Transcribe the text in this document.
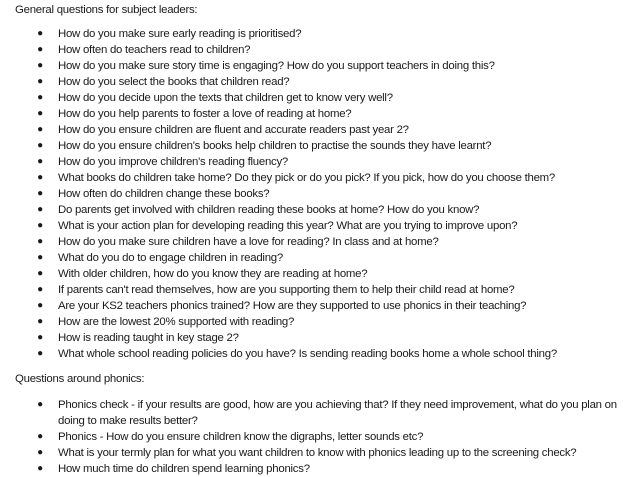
General questions for subject leaders:
● How do you make sure early reading is prioritised?
● How often do teachers read to children?
● How do you make sure story time is engaging? How do you support teachers in doing this?
● How do you select the books that children read?
● How do you decide upon the texts that children get to know very well?
● How do you help parents to foster a love of reading at home?
● How do you ensure children are fluent and accurate readers past year 2?
● How do you ensure children's books help children to practise the sounds they have learnt?
● How do you improve children's reading fluency?
● What books do children take home? Do they pick or do you pick? If you pick, how do you choose them?
● How often do children change these books?
● Do parents get involved with children reading these books at home? How do you know?
● What is your action plan for developing reading this year? What are you trying to improve upon?
● How do you make sure children have a love for reading? In class and at home?
● What do you do to engage children in reading?
● With older children, how do you know they are reading at home?
● If parents can't read themselves, how are you supporting them to help their child read at home?
● Are your KS2 teachers phonics trained? How are they supported to use phonics in their teaching?
● How are the lowest 20% supported with reading?
● How is reading taught in key stage 2?
● What whole school reading policies do you have? Is sending reading books home a whole school thing?
Questions around phonics:
● Phonics check - if your results are good, how are you achieving that? If they need improvement, what do you plan on doing to make results better?
● Phonics - How do you ensure children know the digraphs, letter sounds etc?
● What is your termly plan for what you want children to know with phonics leading up to the screening check?
● How much time do children spend learning phonics?
